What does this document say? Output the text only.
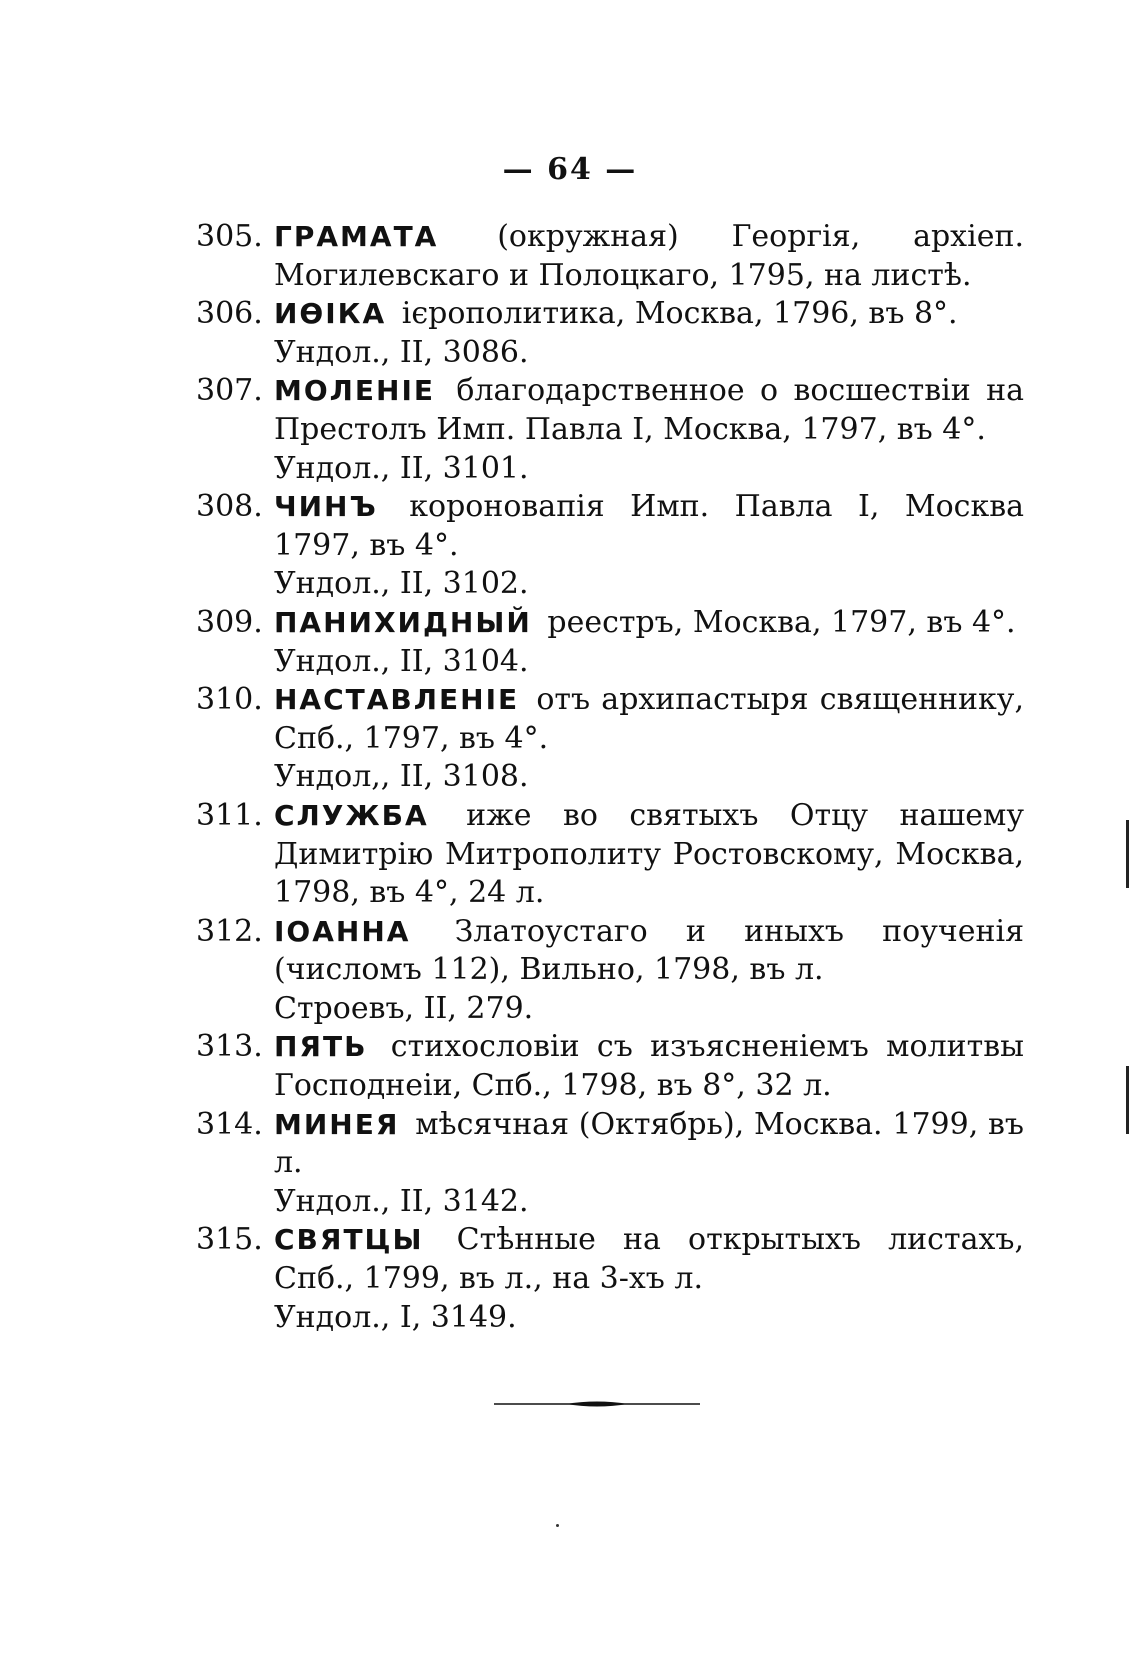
— 64 —
305. ГРАМАТА (окружная) Георгія, архіеп. Могилевскаго и Полоцкаго, 1795, на листѣ.
306. ИѲІКА ієрополитика, Москва, 1796, въ 8°.
Ундол., II, 3086.
307. МОЛЕНІЕ благодарственное о восшествіи на Престолъ Имп. Павла I, Москва, 1797, въ 4°.
Ундол., II, 3101.
308. ЧИНЪ короновапія Имп. Павла I, Москва 1797, въ 4°.
Ундол., II, 3102.
309. ПАНИХИДНЫЙ реестръ, Москва, 1797, въ 4°.
Ундол., II, 3104.
310. НАСТАВЛЕНІЕ отъ архипастыря священнику, Спб., 1797, въ 4°.
Ундол,, II, 3108.
311. СЛУЖБА иже во святыхъ Отцу нашему Димитрію Митрополиту Ростовскому, Москва, 1798, въ 4°, 24 л.
312. ІОАННА Златоустаго и иныхъ поученія (числомъ 112), Вильно, 1798, въ л.
Строевъ, II, 279.
313. ПЯТЬ стихословіи съ изъясненіемъ молитвы Господнеіи, Спб., 1798, въ 8°, 32 л.
314. МИНЕЯ мѣсячная (Октябрь), Москва. 1799, въ л.
Ундол., II, 3142.
315. СВЯТЦЫ Стѣнные на открытыхъ листахъ, Спб., 1799, въ л., на 3-хъ л.
Ундол., I, 3149.
